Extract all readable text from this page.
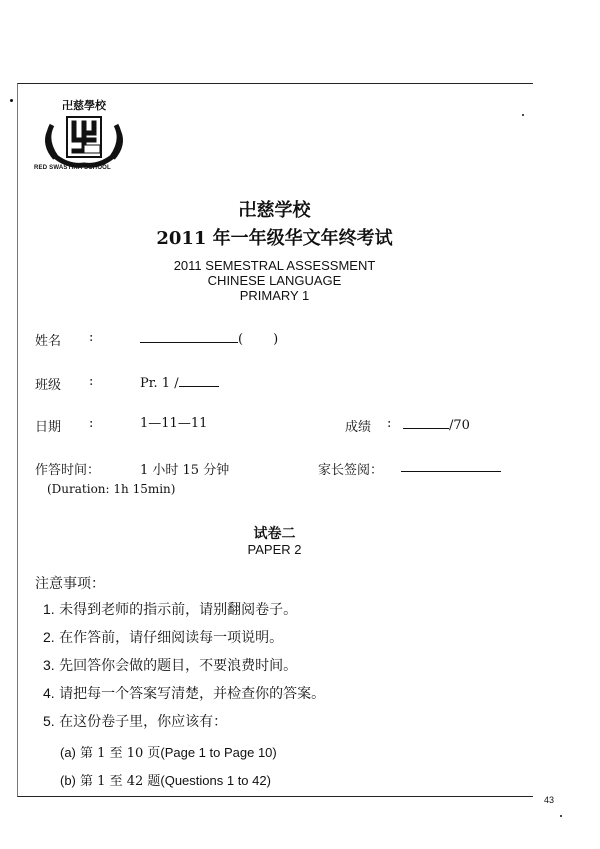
卍慈學校
RED SWASTIKA SCHOOL
卍慈学校
2011 年一年级华文年终考试
2011 SEMESTRAL ASSESSMENT
CHINESE LANGUAGE
PRIMARY 1
姓名 :	( )
班级 :	Pr. 1 /
日期 :	1—11—11	成绩 :	/70
作答时间：	1 小时 15 分钟
(Duration: 1h 15min)
家长签阅：
试卷二
PAPER 2
注意事项：
1. 未得到老师的指示前，请别翻阅卷子。
2. 在作答前，请仔细阅读每一项说明。
3. 先回答你会做的题目，不要浪费时间。
4. 请把每一个答案写清楚，并检查你的答案。
5. 在这份卷子里，你应该有：
(a) 第 1 至 10 页(Page 1 to Page 10)
(b) 第 1 至 42 题(Questions 1 to 42)
43
